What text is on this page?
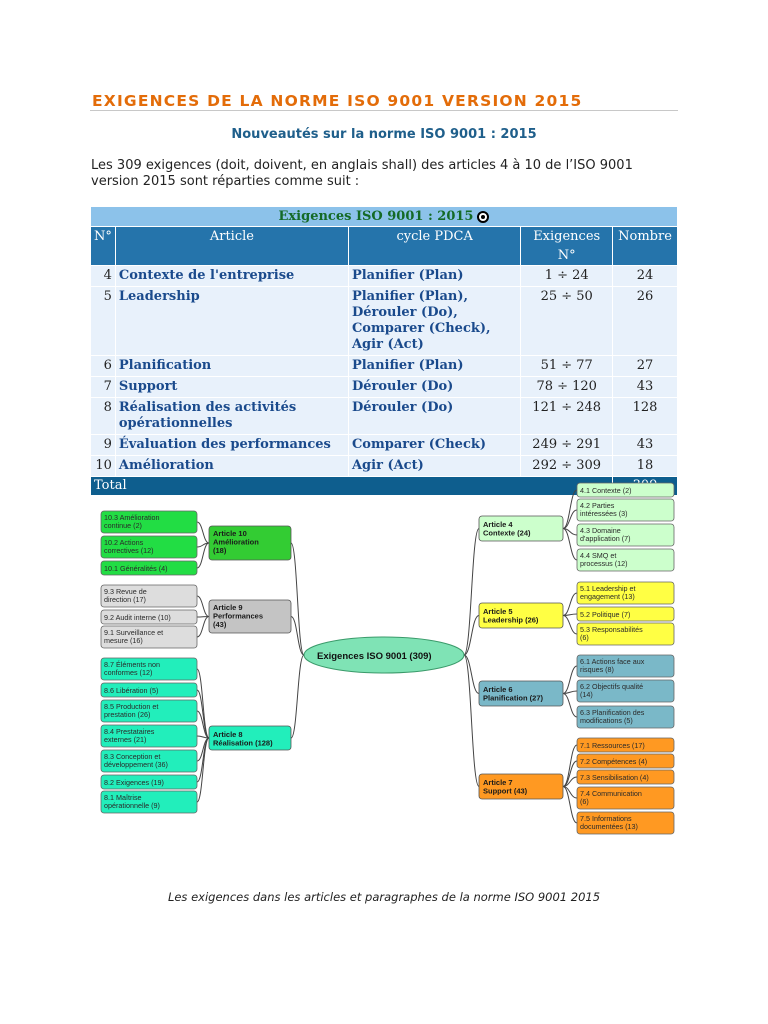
EXIGENCES DE LA NORME ISO 9001 VERSION 2015
Nouveautés sur la norme ISO 9001 : 2015

Les 309 exigences (doit, doivent, en anglais shall) des articles 4 à 10 de l’ISO 9001 version 2015 sont réparties comme suit :

Exigences ISO 9001 : 2015				
N°	Article	cycle PDCA	Exigences N°	Nombre
4	Contexte de l'entreprise	Planifier (Plan)	1 ÷ 24	24
5	Leadership	Planifier (Plan), Dérouler (Do), Comparer (Check), Agir (Act)	25 ÷ 50	26
6	Planification	Planifier (Plan)	51 ÷ 77	27
7	Support	Dérouler (Do)	78 ÷ 120	43
8	Réalisation des activités opérationnelles	Dérouler (Do)	121 ÷ 248	128
9	Évaluation des performances	Comparer (Check)	249 ÷ 291	43
10	Amélioration	Agir (Act)	292 ÷ 309	18
Total	
Exigences ISO 9001 (309)
Article 10
Amélioration
(18)
10.3 Amélioration
continue (2)
10.2 Actions
correctives (12)
10.1 Généralités (4)
Article 9
Performances
(43)
9.3 Revue de
direction (17)
9.2 Audit interne (10)
9.1 Surveillance et
mesure (16)
Article 8
Réalisation (128)
8.7 Éléments non
conformes (12)
8.6 Libération (5)
8.5 Production et
prestation (26)
8.4 Prestataires
externes (21)
8.3 Conception et
développement (36)
8.2 Exigences (19)
8.1 Maîtrise
opérationnelle (9)
Article 4
Contexte (24)
4.1 Contexte (2)
4.2 Parties
intéressées (3)
4.3 Domaine
d'application (7)
4.4 SMQ et
processus (12)
Article 5
Leadership (26)
5.1 Leadership et
engagement (13)
5.2 Politique (7)
5.3 Responsabilités
(6)
Article 6
Planification (27)
6.1 Actions face aux
risques (8)
6.2 Objectifs qualité
(14)
6.3 Planification des
modifications (5)
Article 7
Support (43)
7.1 Ressources (17)
7.2 Compétences (4)
7.3 Sensibilisation (4)
7.4 Communication
(6)
7.5 Informations
documentées (13)

Les exigences dans les articles et paragraphes de la norme ISO 9001 2015
